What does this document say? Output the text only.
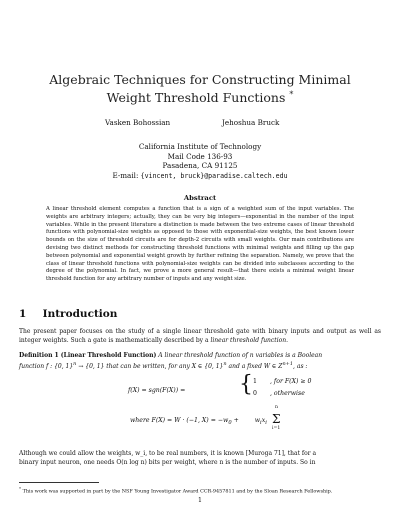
Algebraic Techniques for Constructing Minimal Weight Threshold Functions *
Vasken Bohossian	Jehoshua Bruck
California Institute of Technology
Mail Code 136-93
Pasadena, CA 91125
E-mail: {vincent, bruck}@paradise.caltech.edu
Abstract
A linear threshold element computes a function that is a sign of a weighted sum of the input variables. The weights are arbitrary integers; actually, they can be very big integers—exponential in the number of the input variables. While in the present literature a distinction is made between the two extreme cases of linear threshold functions with polynomial-size weights as opposed to those with exponential-size weights, the best known lower bounds on the size of threshold circuits are for depth-2 circuits with small weights. Our main contributions are devising two distinct methods for constructing threshold functions with minimal weights and filling up the gap between polynomial and exponential weight growth by further refining the separation. Namely, we prove that the class of linear threshold functions with polynomial-size weights can be divided into subclasses according to the degree of the polynomial. In fact, we prove a more general result—that there exists a minimal weight linear threshold function for any arbitrary number of inputs and any weight size.
1 Introduction
The present paper focuses on the study of a single linear threshold gate with binary inputs and output as well as integer weights. Such a gate is mathematically described by a linear threshold function.
Definition 1 (Linear Threshold Function) A linear threshold function of n variables is a Boolean
function f : {0, 1}$^n$ → {0, 1} that can be written, for any X ∈ {0, 1}$^n$ and a fixed W ∈ $Z^{n+1}$, as :
f(X) = sgn(F(X)) = { 1 , for F(X) ≥ 0
0 , otherwise
where F(X) = W · (−1, $X) = -w_0 + w_ix_i$ Σ
n
i=1
Although we could allow the weights, w_i, to be real numbers, it is known [Muroga 71], that for a
binary input neuron, one needs O(n log n) bits per weight, where n is the number of inputs. So in
* This work was supported in part by the NSF Young Investigator Award CCR-9457811 and by the Sloan Research Fellowship.
1
